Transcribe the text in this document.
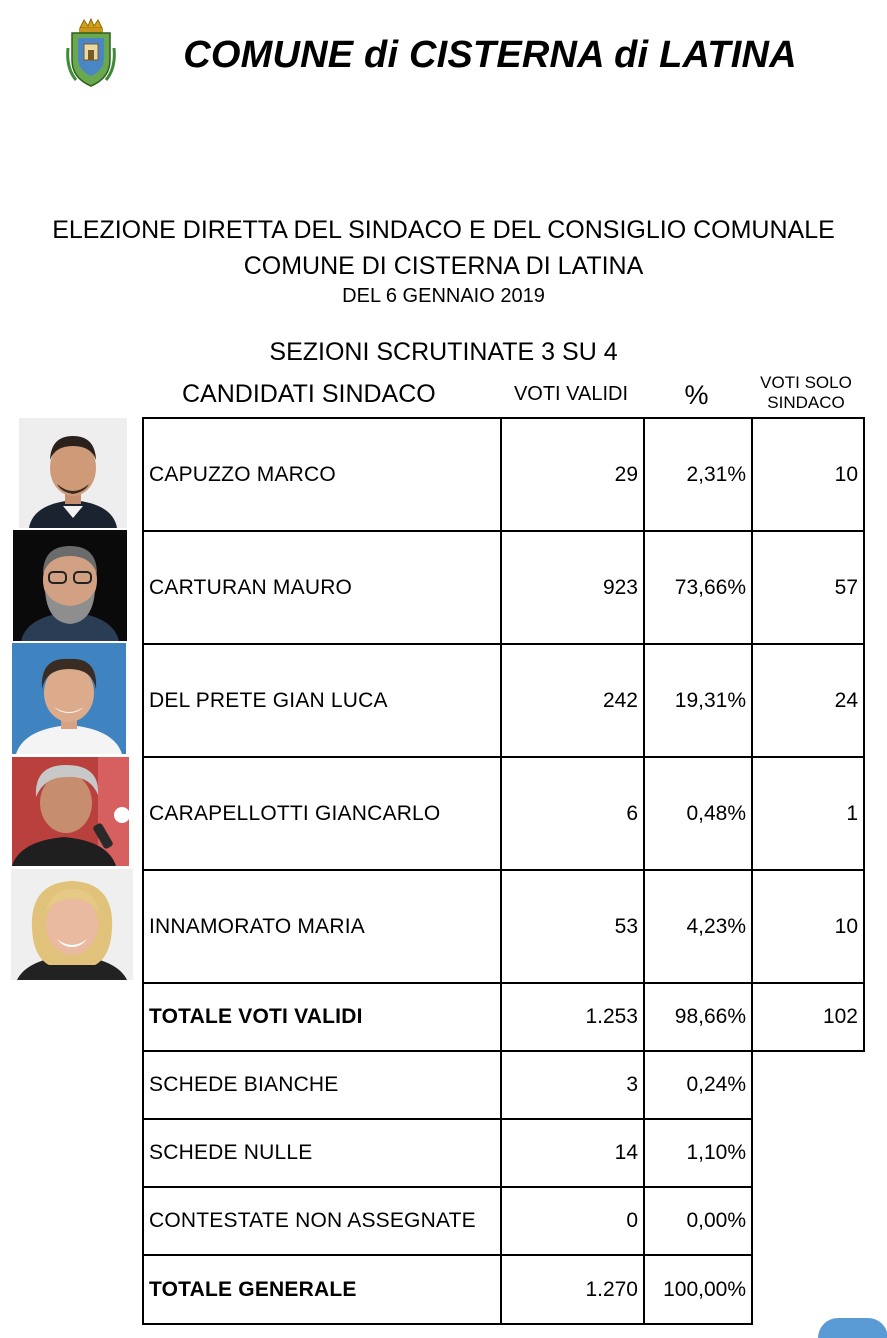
COMUNE di CISTERNA di LATINA
ELEZIONE DIRETTA DEL SINDACO E DEL CONSIGLIO COMUNALE
COMUNE DI CISTERNA DI LATINA
DEL 6 GENNAIO 2019
SEZIONI SCRUTINATE 3 SU 4
CANDIDATI SINDACO	VOTI VALIDI	%	VOTI SOLO SINDACO
CAPUZZO MARCO	29	2,31%	10
CARTURAN MAURO	923	73,66%	57
DEL PRETE GIAN LUCA	242	19,31%	24
CARAPELLOTTI GIANCARLO	6	0,48%	1
INNAMORATO MARIA	53	4,23%	10
TOTALE VOTI VALIDI	1.253	98,66%	102
SCHEDE BIANCHE	3	0,24%	
SCHEDE NULLE	14	1,10%	
CONTESTATE NON ASSEGNATE	0	0,00%	
TOTALE GENERALE	1.270	100,00%	
